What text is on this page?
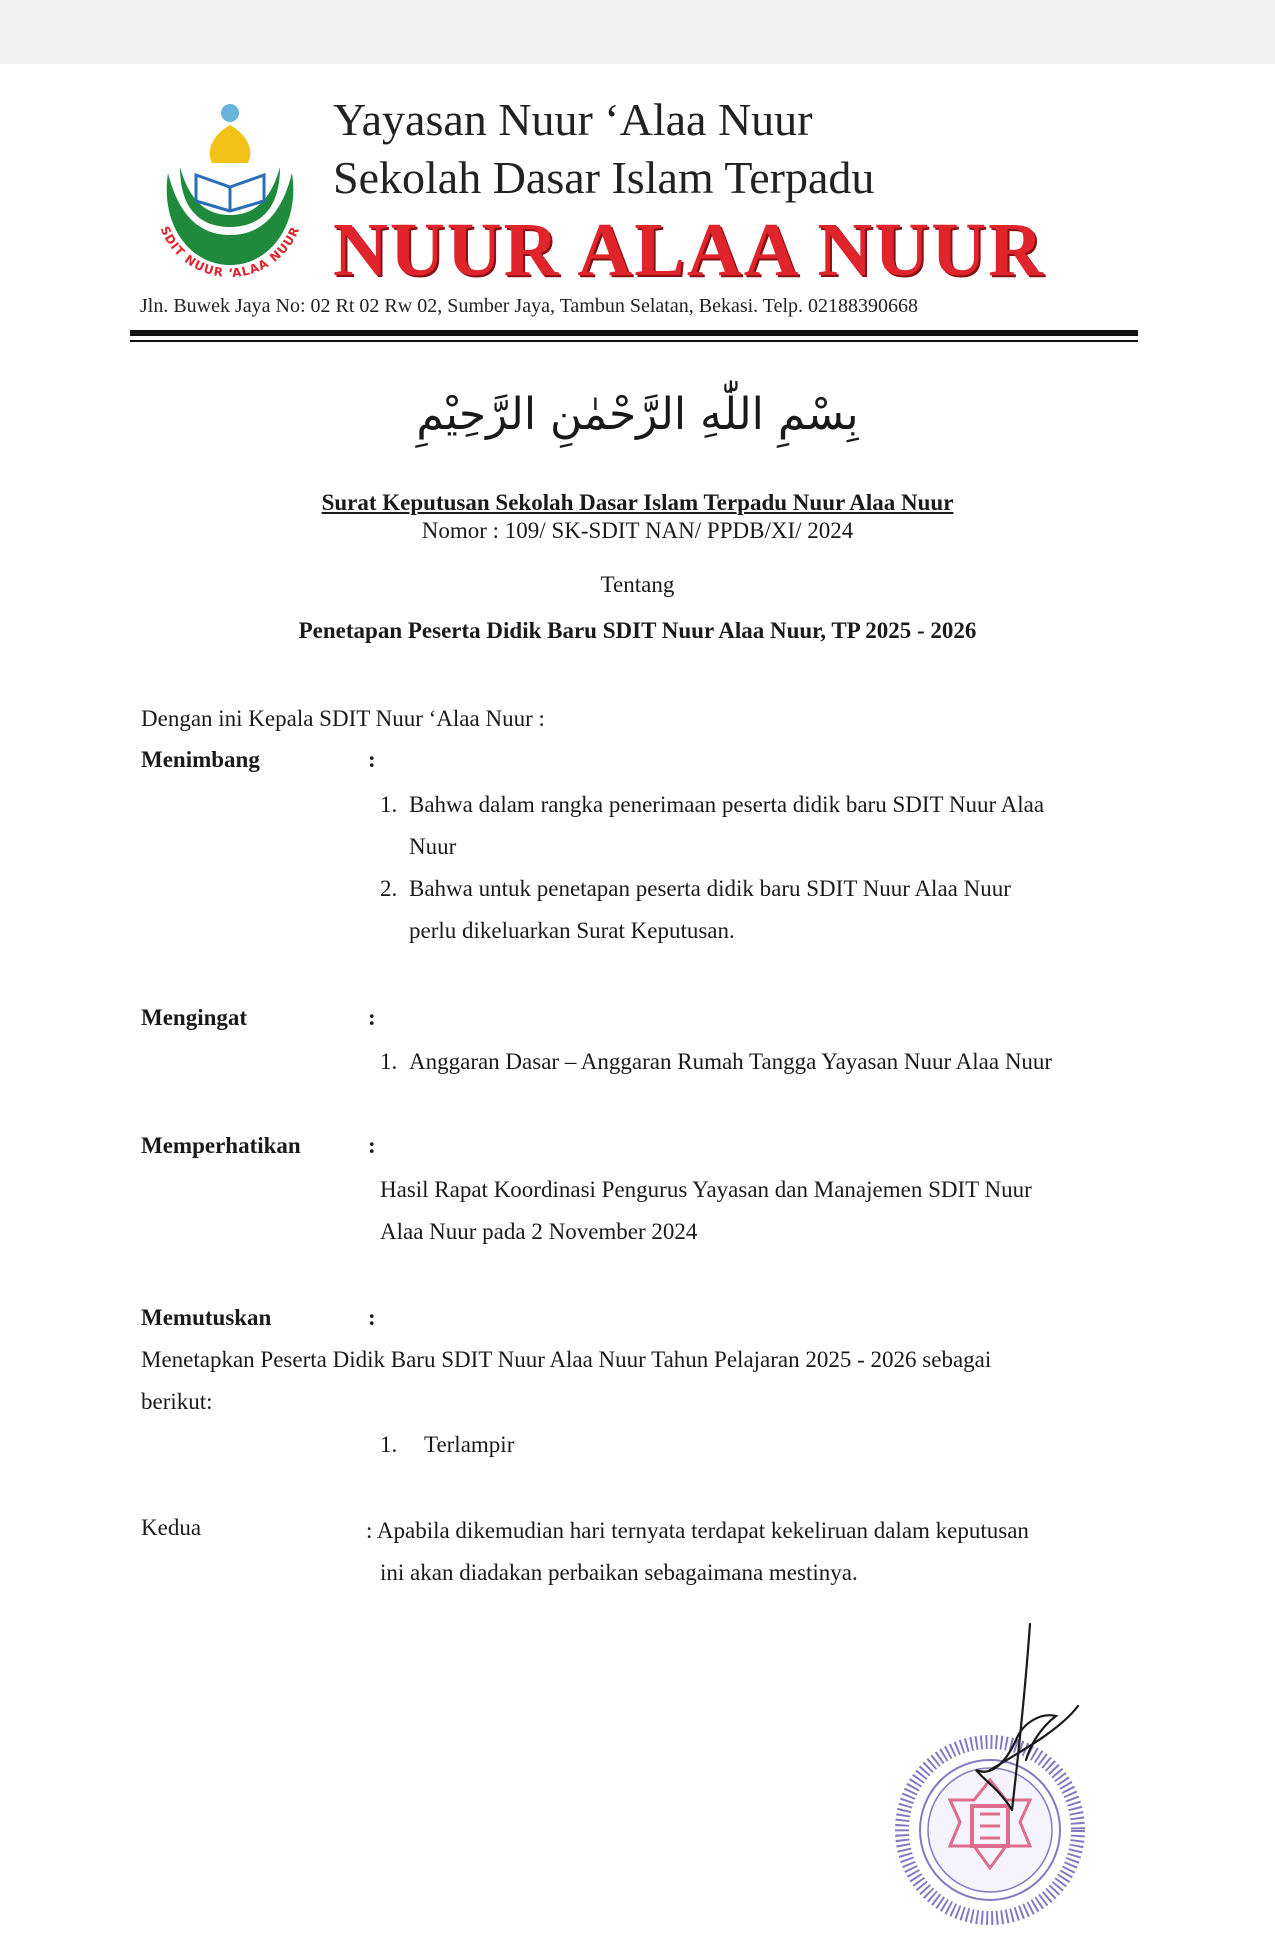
SDIT NUUR ‘ALAA NUUR
Yayasan Nuur ‘Alaa Nuur
Sekolah Dasar Islam Terpadu
NUUR ALAA NUUR
Jln. Buwek Jaya No: 02 Rt 02 Rw 02, Sumber Jaya, Tambun Selatan, Bekasi. Telp. 02188390668
بِسْمِ اللّٰهِ الرَّحْمٰنِ الرَّحِيْمِ
Surat Keputusan Sekolah Dasar Islam Terpadu Nuur Alaa Nuur
Nomor : 109/ SK-SDIT NAN/ PPDB/XI/ 2024
Tentang
Penetapan Peserta Didik Baru SDIT Nuur Alaa Nuur, TP 2025 - 2026
Dengan ini Kepala SDIT Nuur ‘Alaa Nuur :
Menimbang	:
1. Bahwa dalam rangka penerimaan peserta didik baru SDIT Nuur Alaa
Nuur
2. Bahwa untuk penetapan peserta didik baru SDIT Nuur Alaa Nuur
perlu dikeluarkan Surat Keputusan.
Mengingat	:
1. Anggaran Dasar – Anggaran Rumah Tangga Yayasan Nuur Alaa Nuur
Memperhatikan	:
Hasil Rapat Koordinasi Pengurus Yayasan dan Manajemen SDIT Nuur
Alaa Nuur pada 2 November 2024
Memutuskan	:
Menetapkan Peserta Didik Baru SDIT Nuur Alaa Nuur Tahun Pelajaran 2025 - 2026 sebagai
berikut:
1. Terlampir
Kedua	: Apabila dikemudian hari ternyata terdapat kekeliruan dalam keputusan
ini akan diadakan perbaikan sebagaimana mestinya.
